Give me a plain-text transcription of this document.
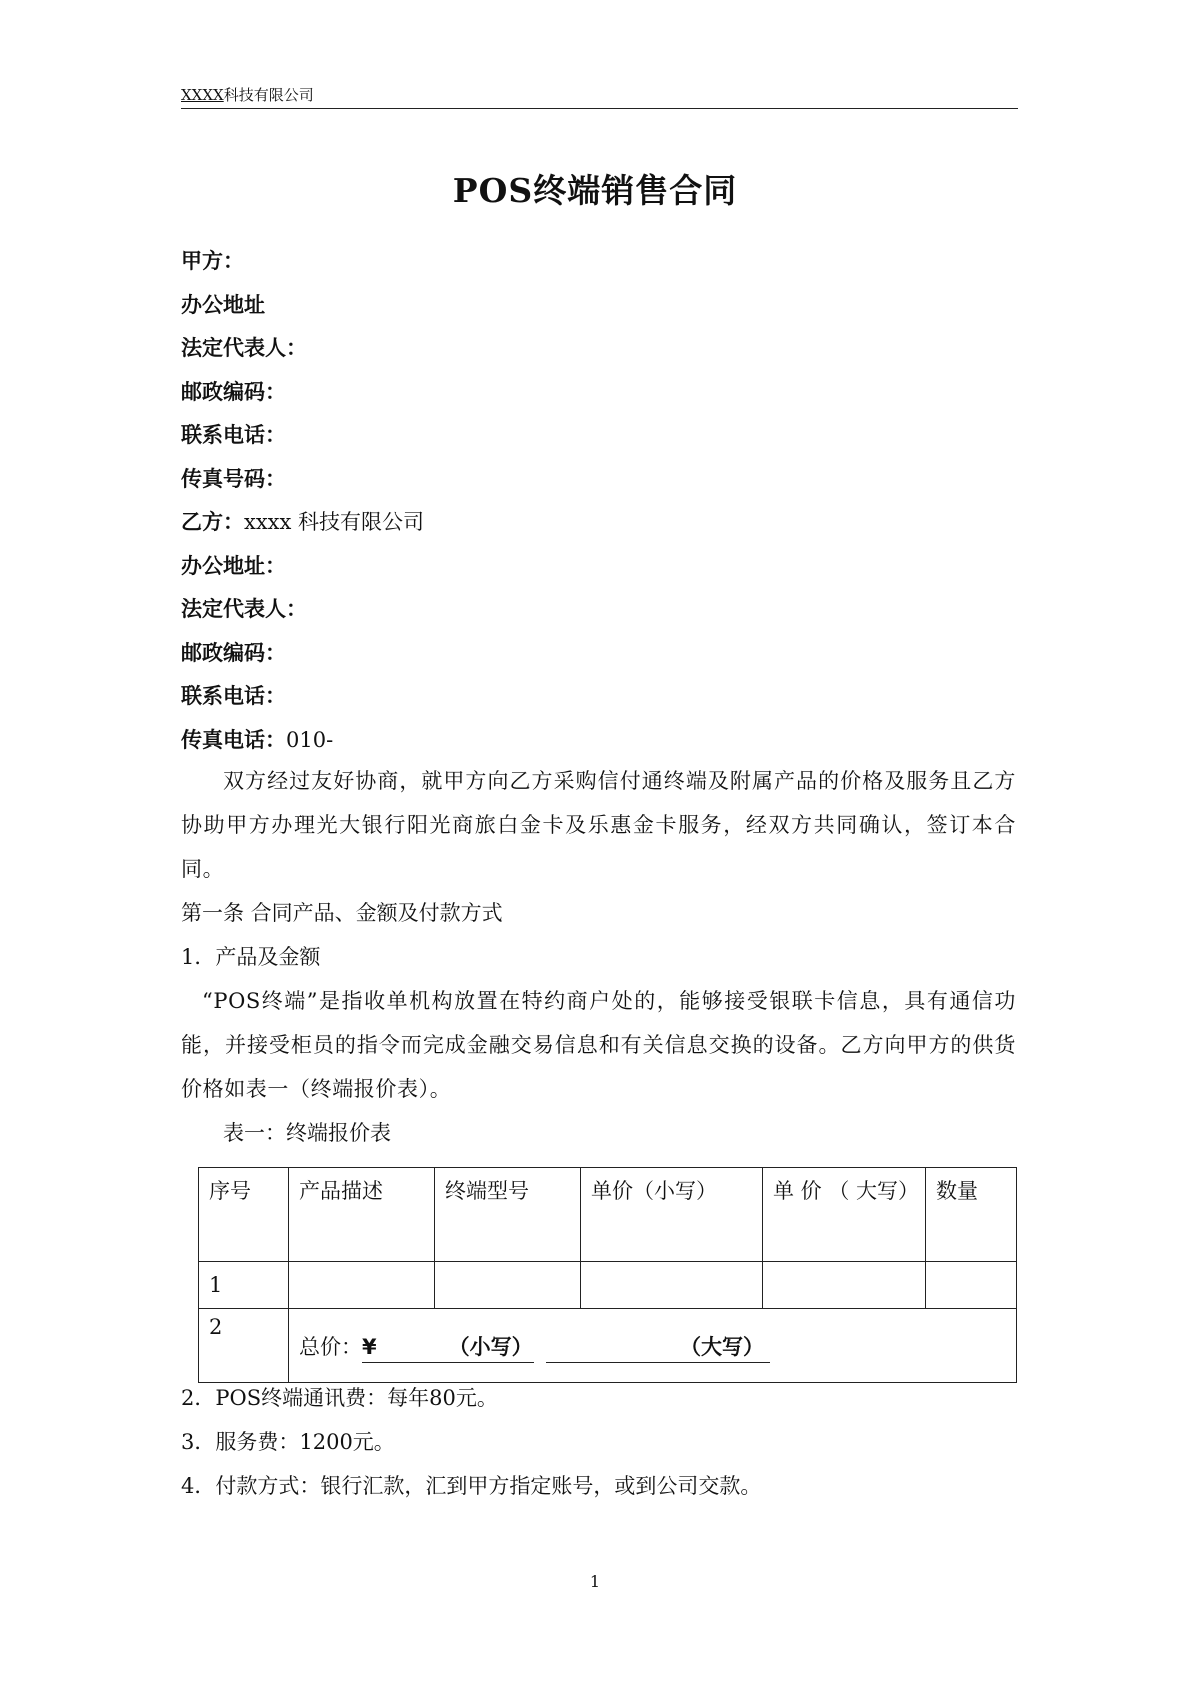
XXXX科技有限公司
POS终端销售合同
甲方：
办公地址
法定代表人：
邮政编码：
联系电话：
传真号码：
乙方：xxxx 科技有限公司
办公地址：
法定代表人：
邮政编码：
联系电话：
传真电话：010-
双方经过友好协商，就甲方向乙方采购信付通终端及附属产品的价格及服务且乙方协助甲方办理光大银行阳光商旅白金卡及乐惠金卡服务，经双方共同确认，签订本合同。
第一条 合同产品、金额及付款方式
1．产品及金额
“POS终端”是指收单机构放置在特约商户处的，能够接受银联卡信息，具有通信功能，并接受柜员的指令而完成金融交易信息和有关信息交换的设备。乙方向甲方的供货价格如表一（终端报价表）。
表一：终端报价表
序号	产品描述	终端型号	单价（小写）	单 价 （ 大写）	数量
1					
2	总价：¥ （小写） （大写）				
2．POS终端通讯费：每年80元。
3．服务费：1200元。
4．付款方式：银行汇款，汇到甲方指定账号，或到公司交款。
1
